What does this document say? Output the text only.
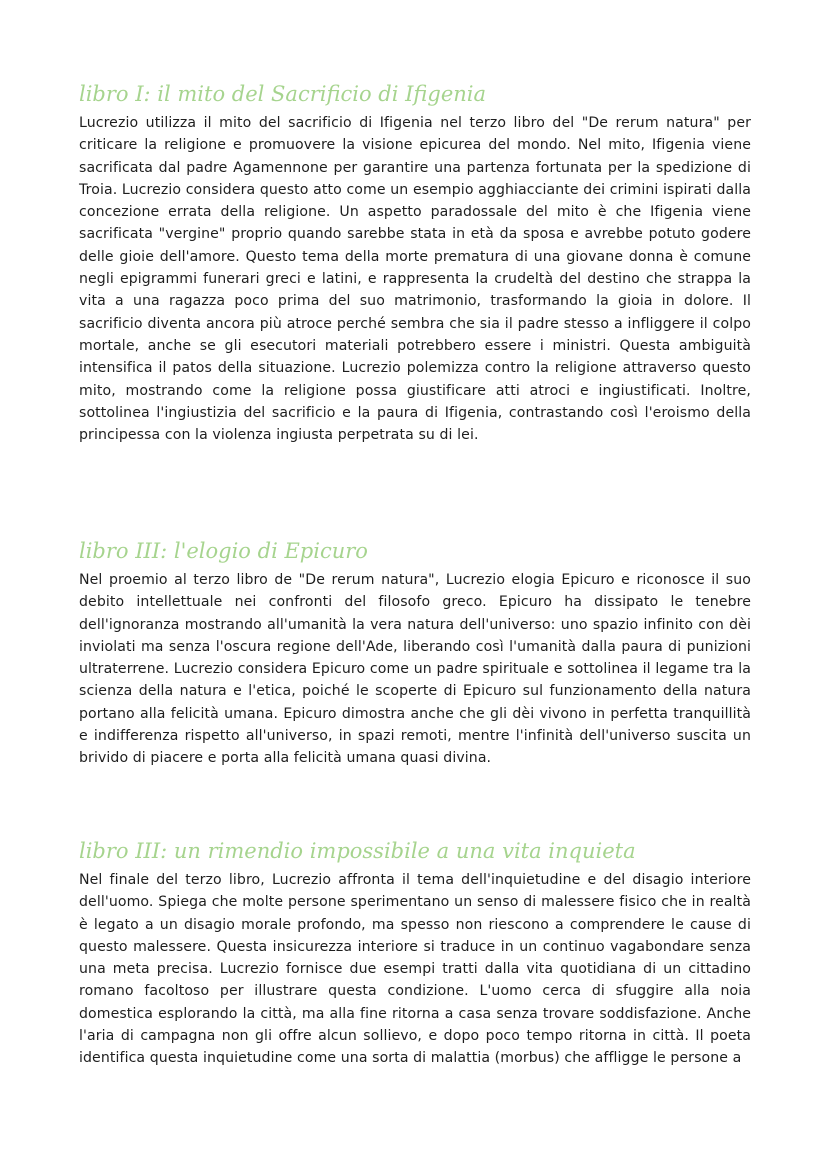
libro I: il mito del Sacrificio di Ifigenia

Lucrezio utilizza il mito del sacrificio di Ifigenia nel terzo libro del "De rerum natura" per criticare la religione e promuovere la visione epicurea del mondo. Nel mito, Ifigenia viene sacrificata dal padre Agamennone per garantire una partenza fortunata per la spedizione di Troia. Lucrezio considera questo atto come un esempio agghiacciante dei crimini ispirati dalla concezione errata della religione. Un aspetto paradossale del mito è che Ifigenia viene sacrificata "vergine" proprio quando sarebbe stata in età da sposa e avrebbe potuto godere delle gioie dell'amore. Questo tema della morte prematura di una giovane donna è comune negli epigrammi funerari greci e latini, e rappresenta la crudeltà del destino che strappa la vita a una ragazza poco prima del suo matrimonio, trasformando la gioia in dolore. Il sacrificio diventa ancora più atroce perché sembra che sia il padre stesso a infliggere il colpo mortale, anche se gli esecutori materiali potrebbero essere i ministri. Questa ambiguità intensifica il patos della situazione. Lucrezio polemizza contro la religione attraverso questo mito, mostrando come la religione possa giustificare atti atroci e ingiustificati. Inoltre, sottolinea l'ingiustizia del sacrificio e la paura di Ifigenia, contrastando così l'eroismo della principessa con la violenza ingiusta perpetrata su di lei.

libro III: l'elogio di Epicuro

Nel proemio al terzo libro de "De rerum natura", Lucrezio elogia Epicuro e riconosce il suo debito intellettuale nei confronti del filosofo greco. Epicuro ha dissipato le tenebre dell'ignoranza mostrando all'umanità la vera natura dell'universo: uno spazio infinito con dèi inviolati ma senza l'oscura regione dell'Ade, liberando così l'umanità dalla paura di punizioni ultraterrene. Lucrezio considera Epicuro come un padre spirituale e sottolinea il legame tra la scienza della natura e l'etica, poiché le scoperte di Epicuro sul funzionamento della natura portano alla felicità umana. Epicuro dimostra anche che gli dèi vivono in perfetta tranquillità e indifferenza rispetto all'universo, in spazi remoti, mentre l'infinità dell'universo suscita un brivido di piacere e porta alla felicità umana quasi divina.

libro III: un rimendio impossibile a una vita inquieta

Nel finale del terzo libro, Lucrezio affronta il tema dell'inquietudine e del disagio interiore dell'uomo. Spiega che molte persone sperimentano un senso di malessere fisico che in realtà è legato a un disagio morale profondo, ma spesso non riescono a comprendere le cause di questo malessere. Questa insicurezza interiore si traduce in un continuo vagabondare senza una meta precisa. Lucrezio fornisce due esempi tratti dalla vita quotidiana di un cittadino romano facoltoso per illustrare questa condizione. L'uomo cerca di sfuggire alla noia domestica esplorando la città, ma alla fine ritorna a casa senza trovare soddisfazione. Anche l'aria di campagna non gli offre alcun sollievo, e dopo poco tempo ritorna in città. Il poeta identifica questa inquietudine come una sorta di malattia (morbus) che affligge le persone a
